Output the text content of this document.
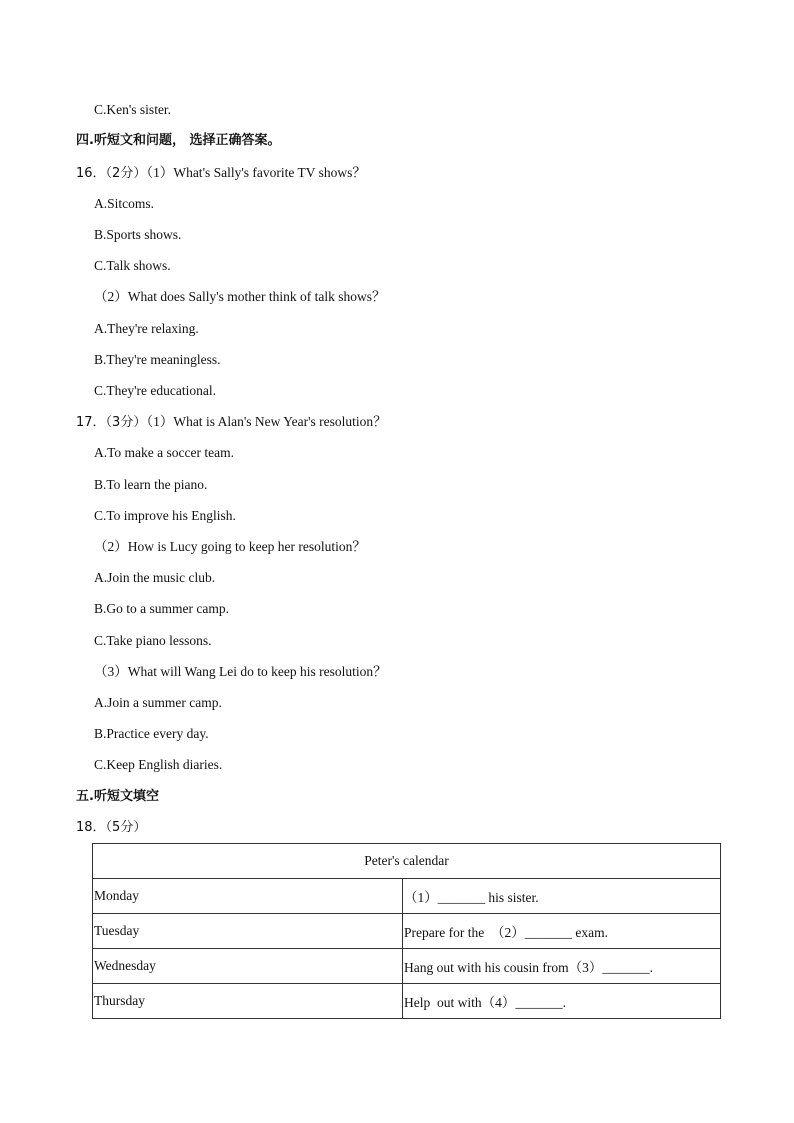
C.Ken's sister.
四.听短文和问题， 选择正确答案。
16．（2分）（1）What's Sally's favorite TV shows？
A.Sitcoms.
B.Sports shows.
C.Talk shows.
（2）What does Sally's mother think of talk shows？
A.They're relaxing.
B.They're meaningless.
C.They're educational.
17．（3分）（1）What is Alan's New Year's resolution？
A.To make a soccer team.
B.To learn the piano.
C.To improve his English.
（2）How is Lucy going to keep her resolution？
A.Join the music club.
B.Go to a summer camp.
C.Take piano lessons.
（3）What will Wang Lei do to keep his resolution？
A.Join a summer camp.
B.Practice every day.
C.Keep English diaries.
五.听短文填空
18．（5分）
Peter's calendar	
Monday	（1）_______ his sister.
Tuesday	Prepare for the  （2）_______ exam.
Wednesday	Hang out with his cousin from（3）_______.
Thursday	Help  out with（4）_______.
